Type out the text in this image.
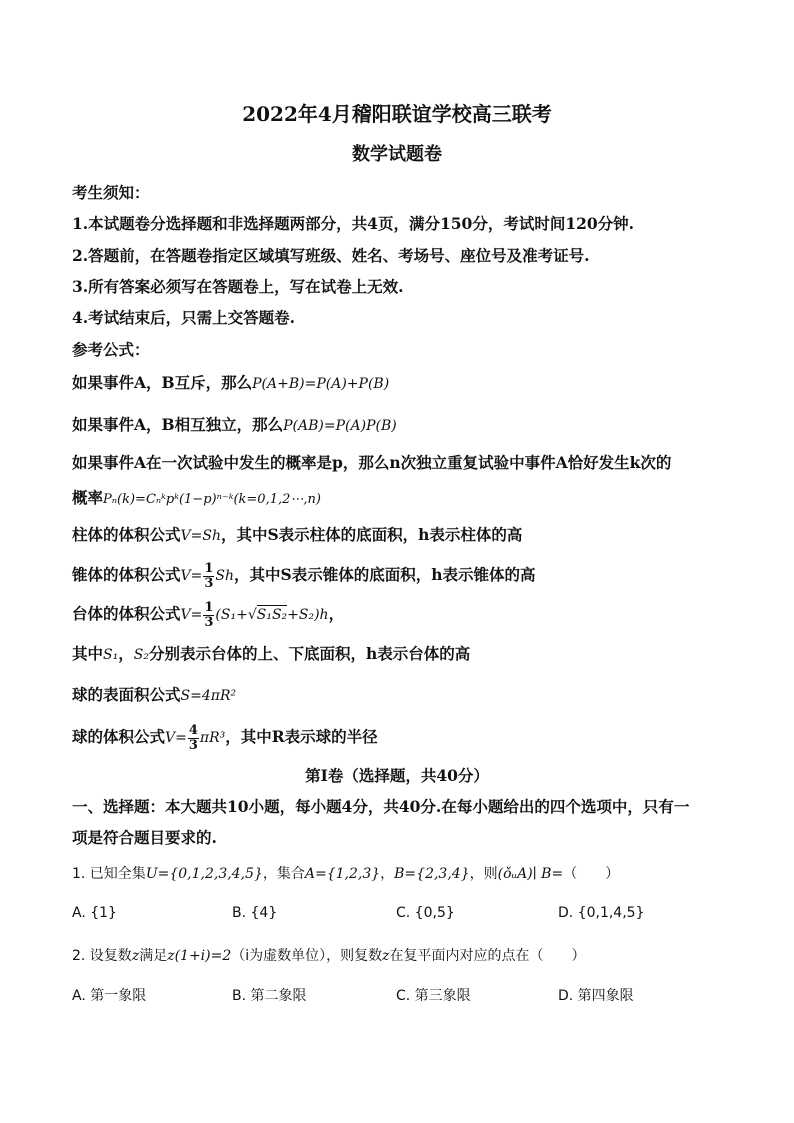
2022年4月稽阳联谊学校高三联考
数学试题卷
考生须知：
1.本试题卷分选择题和非选择题两部分，共4页，满分150分，考试时间120分钟.
2.答题前，在答题卷指定区域填写班级、姓名、考场号、座位号及准考证号.
3.所有答案必须写在答题卷上，写在试卷上无效.
4.考试结束后，只需上交答题卷.
参考公式：
如果事件A，B互斥，那么P(A+B)=P(A)+P(B)
如果事件A，B相互独立，那么P(AB)=P(A)P(B)
如果事件A在一次试验中发生的概率是p，那么n次独立重复试验中事件A恰好发生k次的
概率Pₙ(k)=Cₙᵏpᵏ(1−p)ⁿ⁻ᵏ(k=0,1,2⋯,n)
柱体的体积公式V=Sh，其中S表示柱体的底面积，h表示柱体的高
锥体的体积公式$V= \frac{1}{3}$ Sh，其中S表示锥体的底面积，h表示锥体的高
台体的体积公式$V= \frac{1}{3} (S_1+√S_1S_2+S_2)h$，
其中S₁，S₂分别表示台体的上、下底面积，h表示台体的高
球的表面积公式S=4πR²
球的体积公式$V= \frac{4}{3} \pi R^3$，其中R表示球的半径
第Ⅰ卷（选择题，共40分）
一、选择题：本大题共10小题，每小题4分，共40分.在每小题给出的四个选项中，只有一
项是符合题目要求的.
1. 已知全集U={0,1,2,3,4,5}，集合A={1,2,3}，B={2,3,4}，则(ǒᵤA)∣ B=（　　）
A. {1}	B. {4}	C. {0,5}	D. {0,1,4,5}
2. 设复数z满足z(1+i)=2（i为虚数单位），则复数z在复平面内对应的点在（　　）
A. 第一象限	B. 第二象限	C. 第三象限	D. 第四象限
